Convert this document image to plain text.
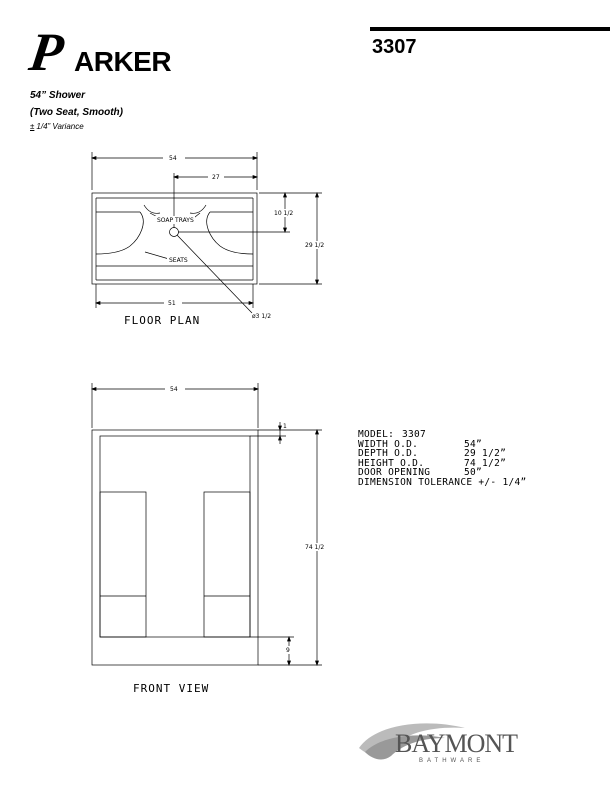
P ARKER	3307
54” Shower
(Two Seat, Smooth)
± 1/4” Variance
54
27
10 1/2
29 1/2
51
ø3 1/2
SOAP TRAYS
SEATS
FLOOR PLAN
54
1
74 1/2
9
FRONT VIEW
MODEL: 3307
WIDTH O.D.	54”
DEPTH O.D.	29 1/2”
HEIGHT O.D.	74 1/2”
DOOR OPENING	50”
DIMENSION TOLERANCE +/- 1/4”
BAYMONT
BATHWARE
